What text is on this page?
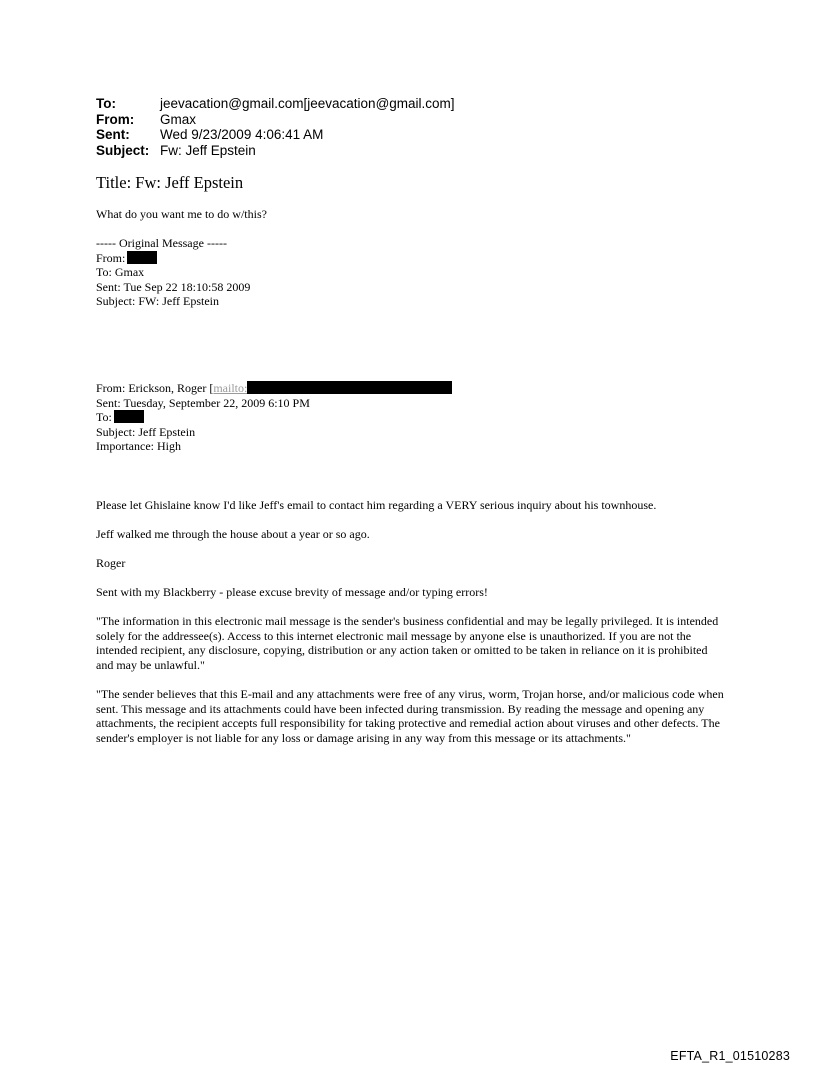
To:	jeevacation@gmail.com[jeevacation@gmail.com]
From:	Gmax
Sent:	Wed 9/23/2009 4:06:41 AM
Subject: Fw: Jeff Epstein
Title: Fw: Jeff Epstein
What do you want me to do w/this?
----- Original Message -----
From:
To: Gmax
Sent: Tue Sep 22 18:10:58 2009
Subject: FW: Jeff Epstein
From: Erickson, Roger [mailto:
Sent: Tuesday, September 22, 2009 6:10 PM
To:
Subject: Jeff Epstein
Importance: High
Please let Ghislaine know I'd like Jeff's email to contact him regarding a VERY serious inquiry about his townhouse.
Jeff walked me through the house about a year or so ago.
Roger
Sent with my Blackberry - please excuse brevity of message and/or typing errors!
"The information in this electronic mail message is the sender's business confidential and may be legally privileged. It is intended solely for the addressee(s). Access to this internet electronic mail message by anyone else is unauthorized. If you are not the intended recipient, any disclosure, copying, distribution or any action taken or omitted to be taken in reliance on it is prohibited and may be unlawful."
"The sender believes that this E-mail and any attachments were free of any virus, worm, Trojan horse, and/or malicious code when sent. This message and its attachments could have been infected during transmission. By reading the message and opening any attachments, the recipient accepts full responsibility for taking protective and remedial action about viruses and other defects. The sender's employer is not liable for any loss or damage arising in any way from this message or its attachments."
EFTA_R1_01510283
